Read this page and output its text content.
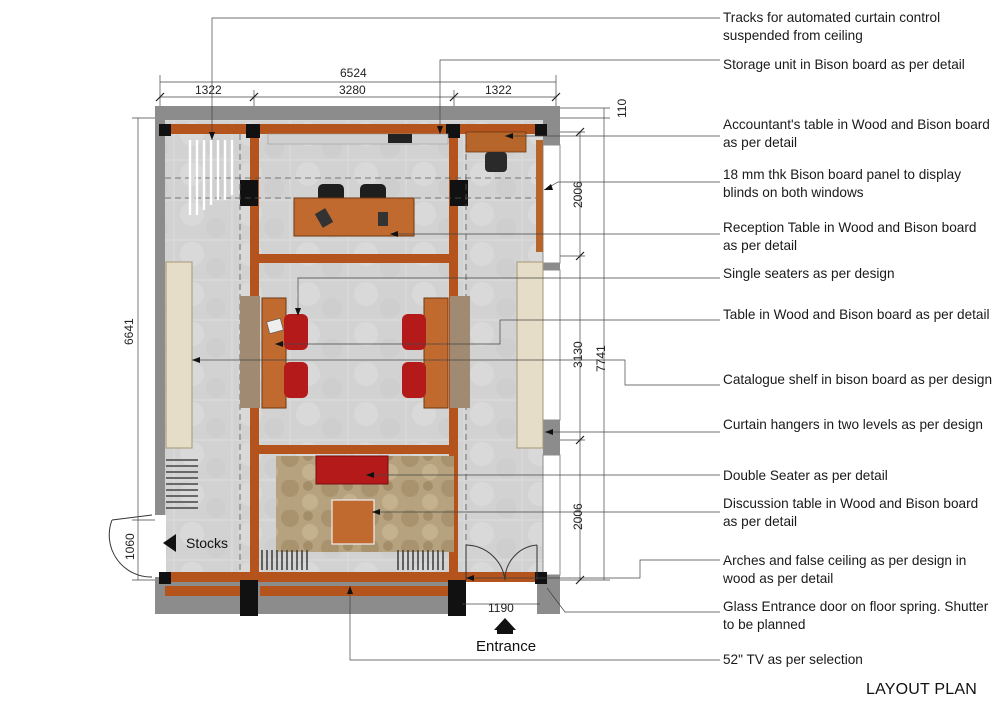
Stocks
Entrance
6524
1322	3280	1322
6641
110
2006
3130 7741
2006
1060
1190
Tracks for automated curtain control suspended from ceiling
Storage unit in Bison board as per detail
Accountant's table in Wood and Bison board as per detail
18 mm thk Bison board panel to display blinds on both windows
Reception Table in Wood and Bison board as per detail
Single seaters as per design
Table in Wood and Bison board as per detail
Catalogue shelf in bison board as per design
Curtain hangers in two levels as per design
Double Seater as per detail
Discussion table in Wood and Bison board as per detail
Arches and false ceiling as per design in wood as per detail
Glass Entrance door on floor spring. Shutter to be planned
52" TV as per selection
LAYOUT PLAN
